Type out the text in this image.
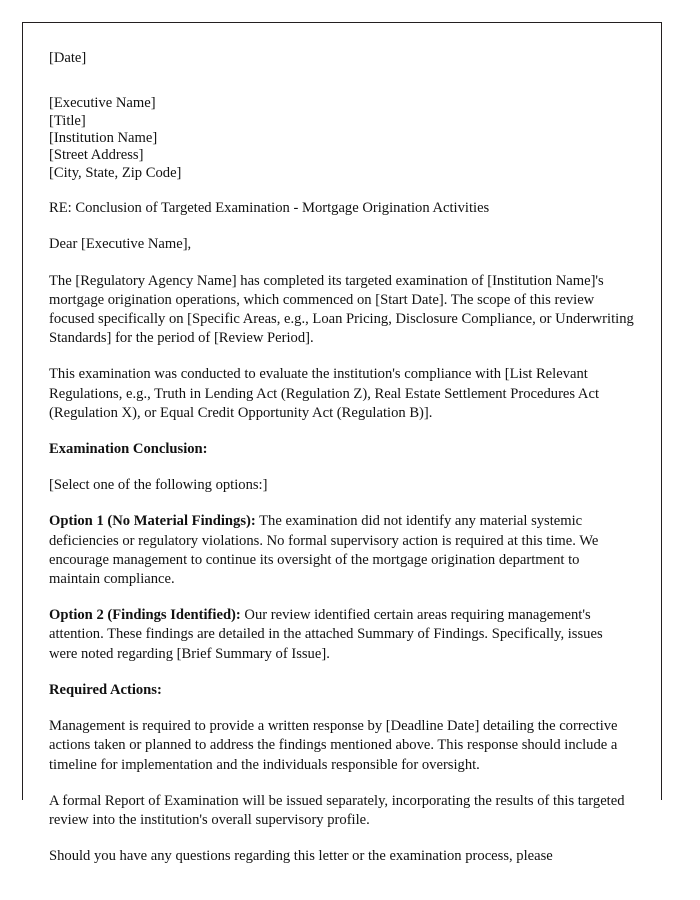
[Date]

[Executive Name]
[Title]
[Institution Name]
[Street Address]
[City, State, Zip Code]

RE: Conclusion of Targeted Examination - Mortgage Origination Activities

Dear [Executive Name],

The [Regulatory Agency Name] has completed its targeted examination of [Institution Name]'s mortgage origination operations, which commenced on [Start Date]. The scope of this review focused specifically on [Specific Areas, e.g., Loan Pricing, Disclosure Compliance, or Underwriting Standards] for the period of [Review Period].

This examination was conducted to evaluate the institution's compliance with [List Relevant Regulations, e.g., Truth in Lending Act (Regulation Z), Real Estate Settlement Procedures Act (Regulation X), or Equal Credit Opportunity Act (Regulation B)].

Examination Conclusion:

[Select one of the following options:]

Option 1 (No Material Findings): The examination did not identify any material systemic deficiencies or regulatory violations. No formal supervisory action is required at this time. We encourage management to continue its oversight of the mortgage origination department to maintain compliance.

Option 2 (Findings Identified): Our review identified certain areas requiring management's attention. These findings are detailed in the attached Summary of Findings. Specifically, issues were noted regarding [Brief Summary of Issue].

Required Actions:

Management is required to provide a written response by [Deadline Date] detailing the corrective actions taken or planned to address the findings mentioned above. This response should include a timeline for implementation and the individuals responsible for oversight.

A formal Report of Examination will be issued separately, incorporating the results of this targeted review into the institution's overall supervisory profile.

Should you have any questions regarding this letter or the examination process, please
